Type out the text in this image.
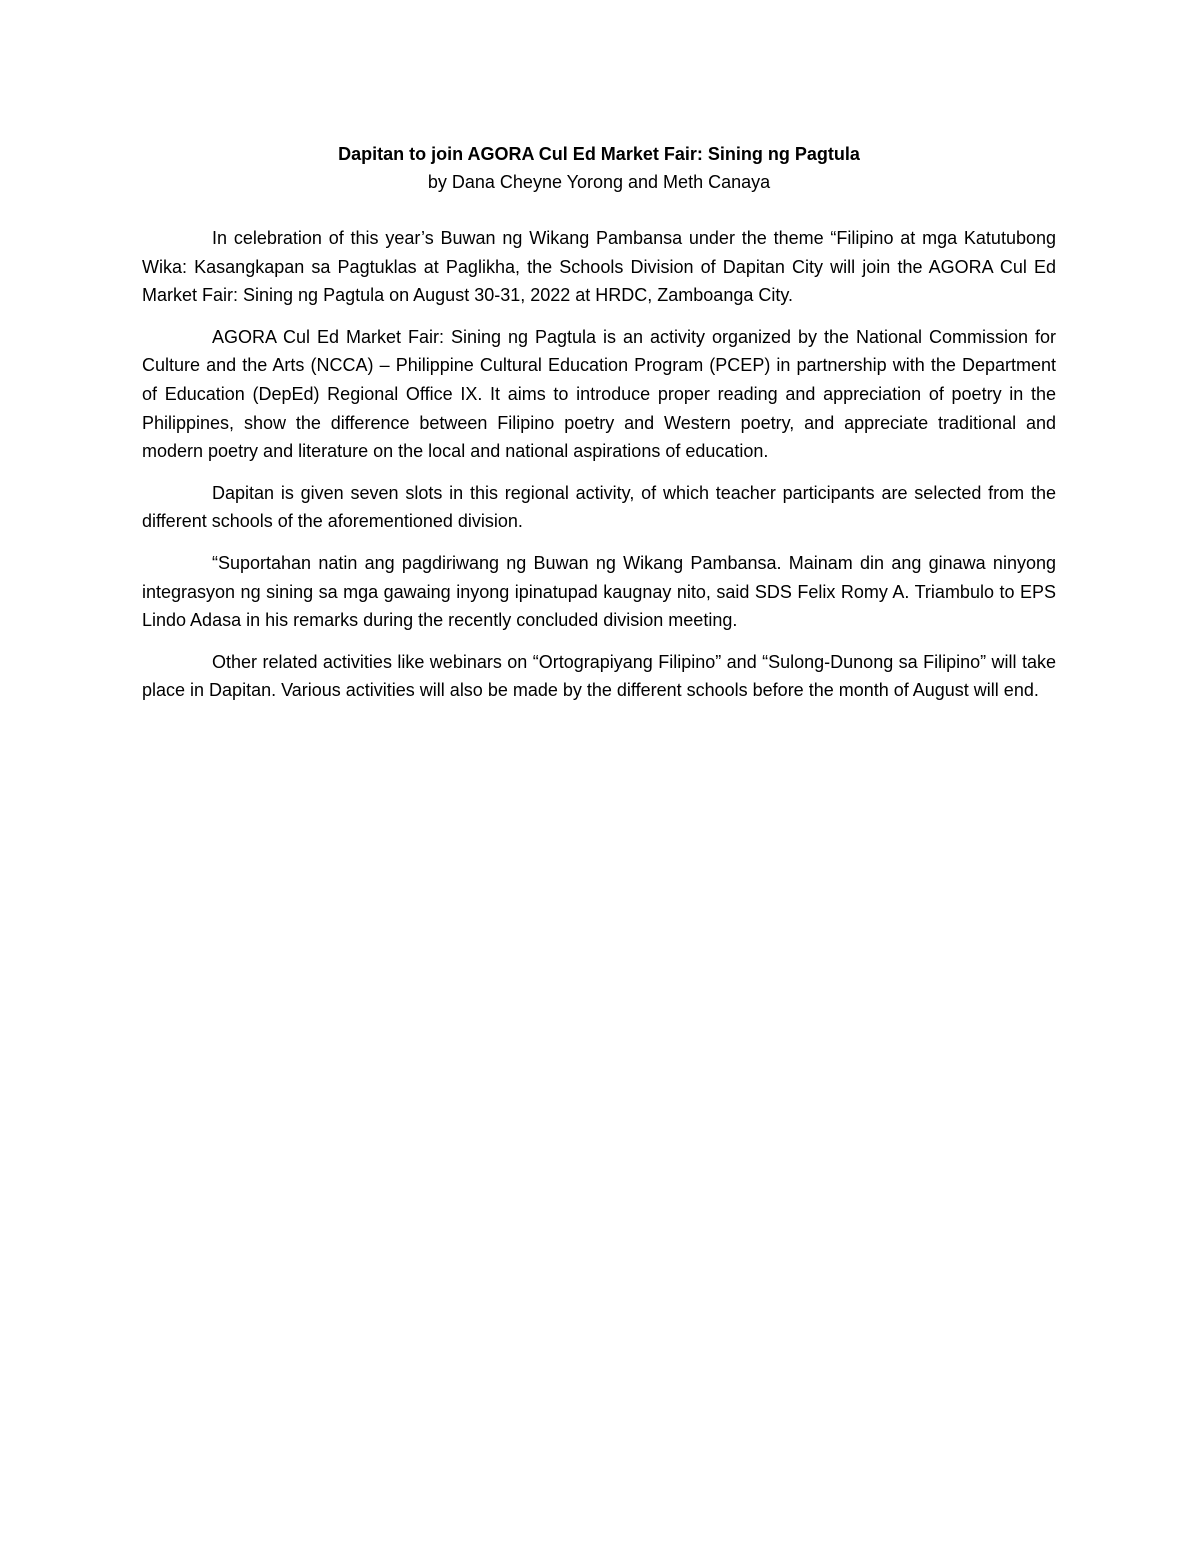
Dapitan to join AGORA Cul Ed Market Fair: Sining ng Pagtula

by Dana Cheyne Yorong and Meth Canaya

In celebration of this year’s Buwan ng Wikang Pambansa under the theme “Filipino at mga Katutubong Wika: Kasangkapan sa Pagtuklas at Paglikha, the Schools Division of Dapitan City will join the AGORA Cul Ed Market Fair: Sining ng Pagtula on August 30-31, 2022 at HRDC, Zamboanga City.

AGORA Cul Ed Market Fair: Sining ng Pagtula is an activity organized by the National Commission for Culture and the Arts (NCCA) – Philippine Cultural Education Program (PCEP) in partnership with the Department of Education (DepEd) Regional Office IX. It aims to introduce proper reading and appreciation of poetry in the Philippines, show the difference between Filipino poetry and Western poetry, and appreciate traditional and modern poetry and literature on the local and national aspirations of education.

Dapitan is given seven slots in this regional activity, of which teacher participants are selected from the different schools of the aforementioned division.

“Suportahan natin ang pagdiriwang ng Buwan ng Wikang Pambansa. Mainam din ang ginawa ninyong integrasyon ng sining sa mga gawaing inyong ipinatupad kaugnay nito, said SDS Felix Romy A. Triambulo to EPS Lindo Adasa in his remarks during the recently concluded division meeting.

Other related activities like webinars on “Ortograpiyang Filipino” and “Sulong-Dunong sa Filipino” will take place in Dapitan. Various activities will also be made by the different schools before the month of August will end.
